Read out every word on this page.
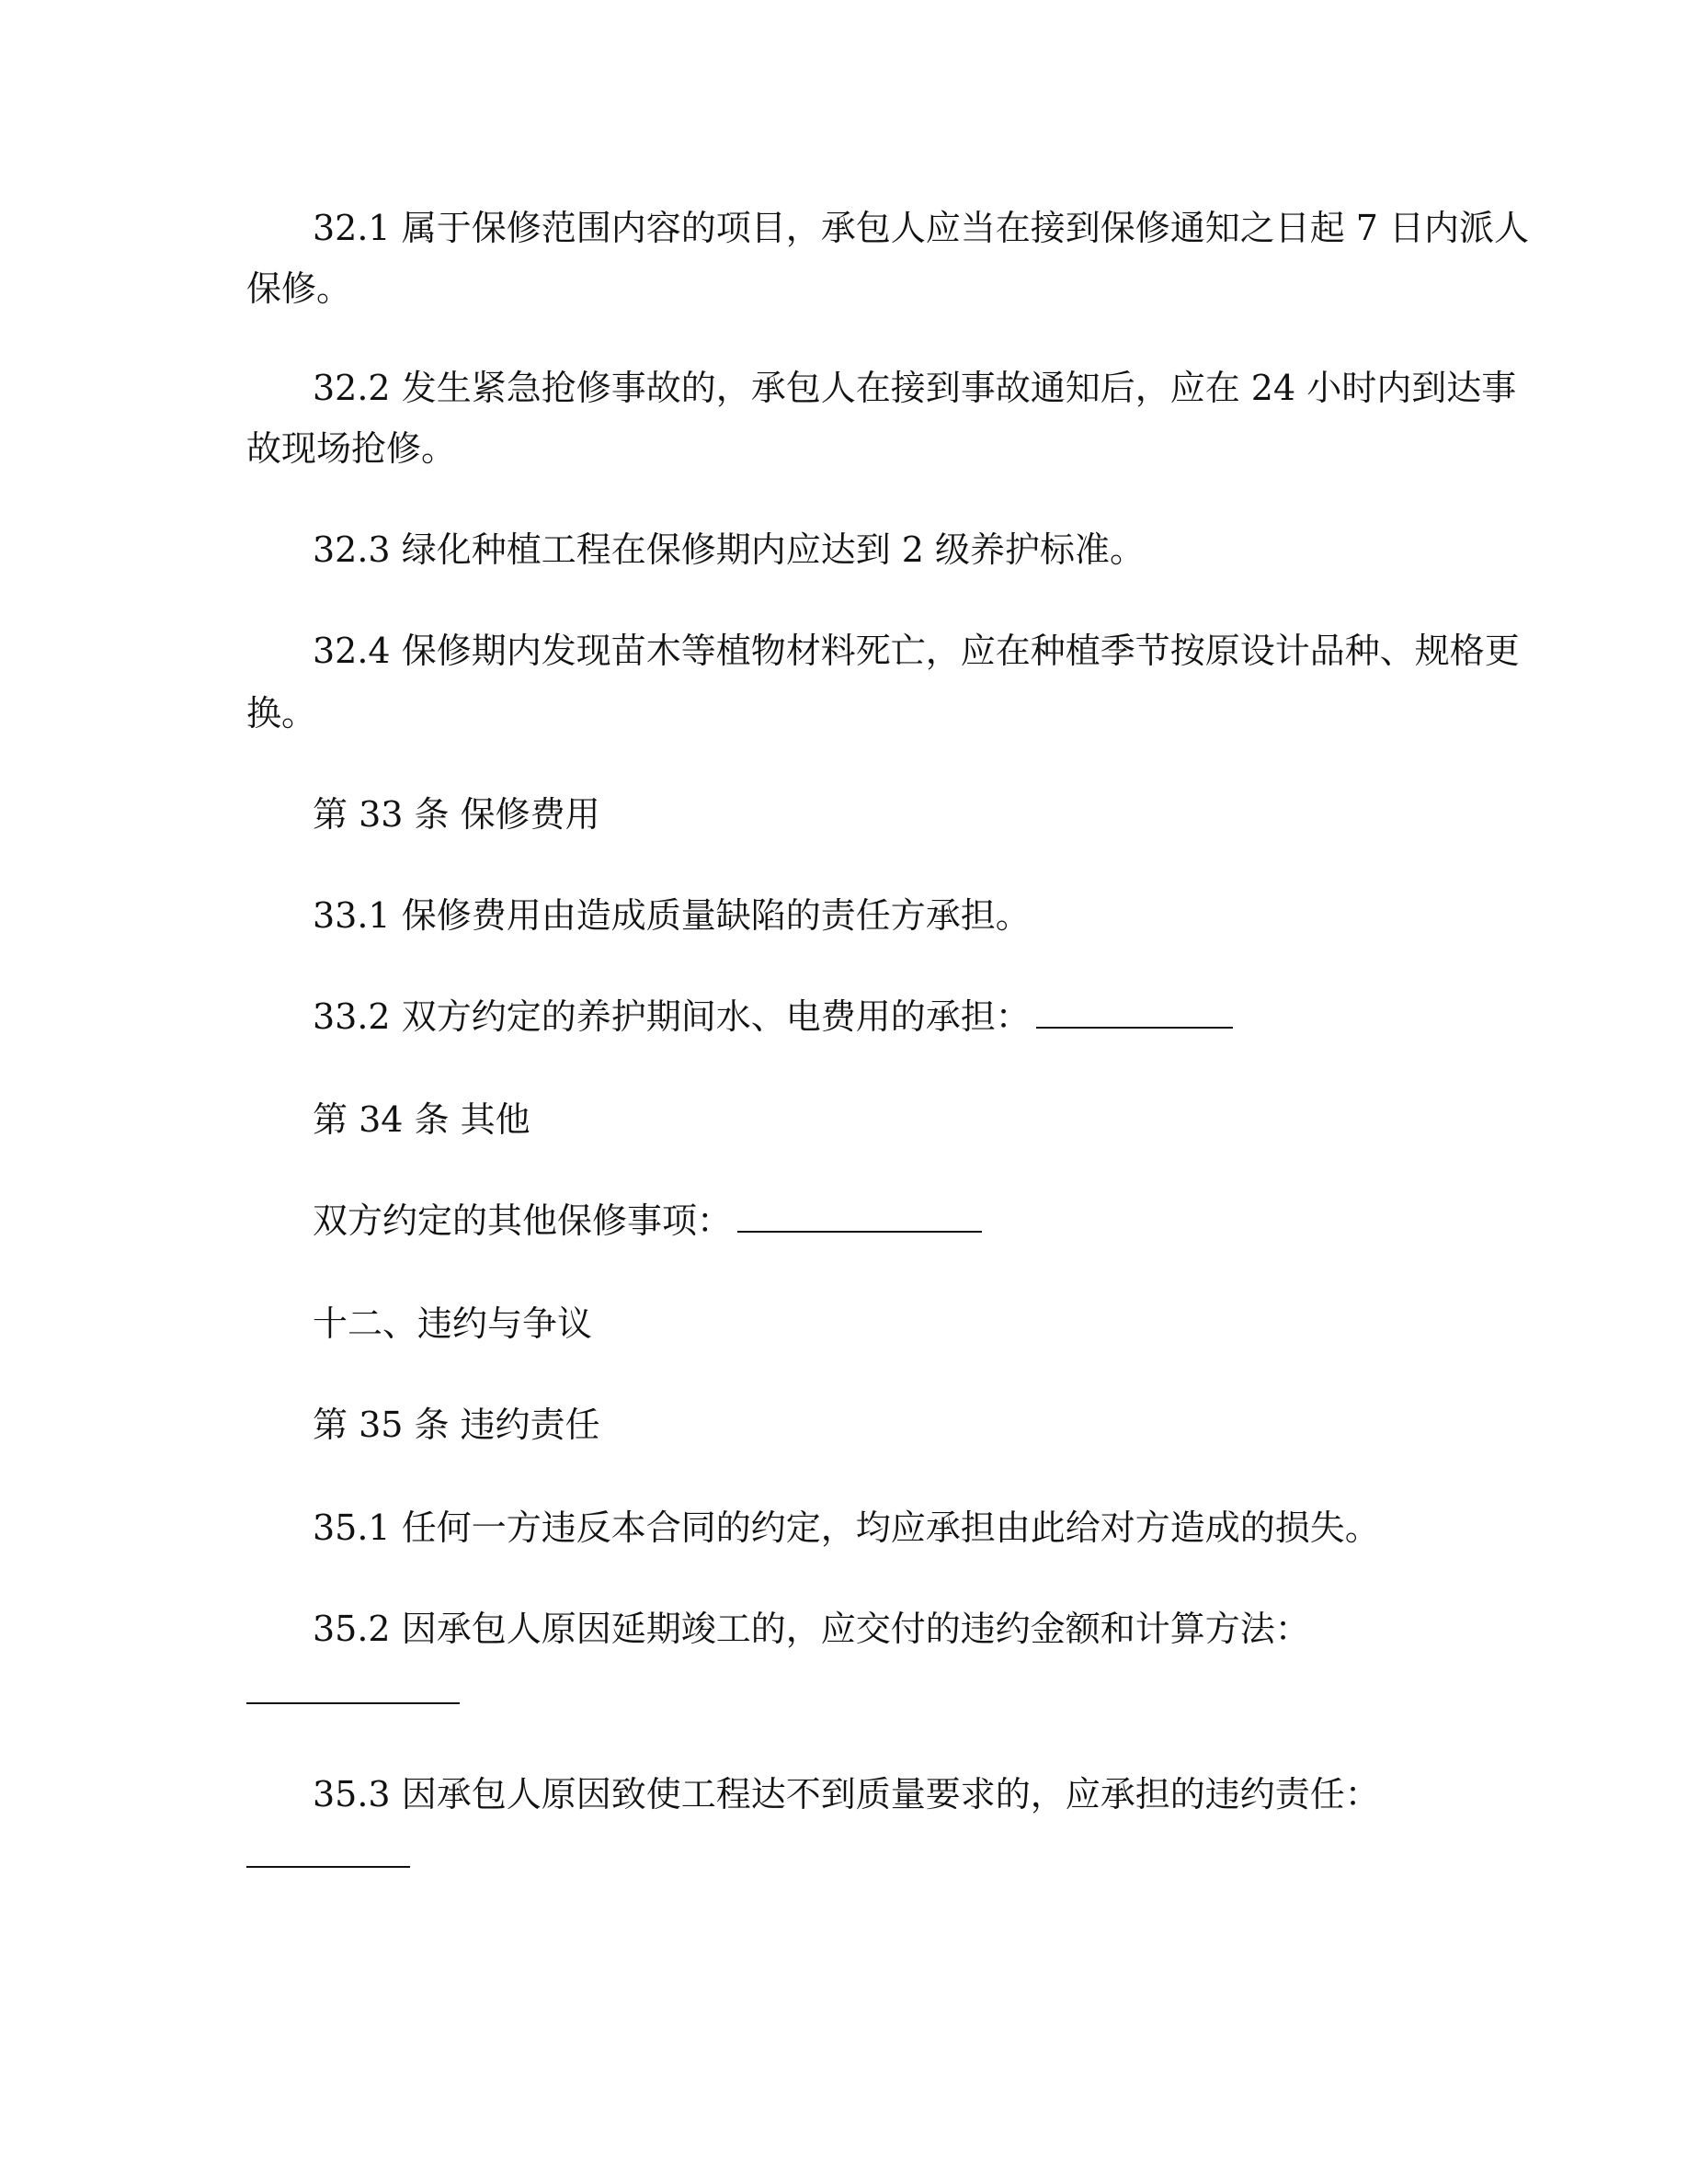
32.1 属于保修范围内容的项目，承包人应当在接到保修通知之日起 7 日内派人
保修。
32.2 发生紧急抢修事故的，承包人在接到事故通知后，应在 24 小时内到达事
故现场抢修。
32.3 绿化种植工程在保修期内应达到 2 级养护标准。
32.4 保修期内发现苗木等植物材料死亡，应在种植季节按原设计品种、规格更
换。
第 33 条 保修费用
33.1 保修费用由造成质量缺陷的责任方承担。
33.2 双方约定的养护期间水、电费用的承担：
第 34 条 其他
双方约定的其他保修事项：
十二、违约与争议
第 35 条 违约责任
35.1 任何一方违反本合同的约定，均应承担由此给对方造成的损失。
35.2 因承包人原因延期竣工的，应交付的违约金额和计算方法：
35.3 因承包人原因致使工程达不到质量要求的，应承担的违约责任：
